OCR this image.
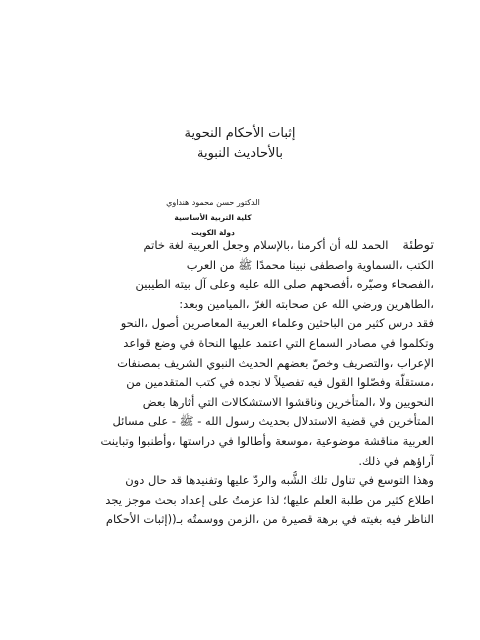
إثبات الأحكام النحوية

بالأحاديث النبوية

الدكتور حسن محمود هنداوي

كلية التربية الأساسية

دولة الكويت

توطئةالحمد لله أن أكرمنا ،بالإسلام وجعل العربية لغة خاتم

الكتب ،السماوية واصطفى نبينا محمدًا ﷺ من العرب

،الفصحاء وصيّره ،أفصحهم صلى الله عليه وعلى آل بيته الطيبين

،الطاهرين ورضي الله عن صحابته الغرّ ،الميامين وبعد:

فقد درس كثير من الباحثين وعلماء العربية المعاصرين أصول ،النحو

وتكلموا في مصادر السماع التي اعتمد عليها النحاة في وضع قواعد

الإعراب ،والتصريف وخصّ بعضهم الحديث النبوي الشريف بمصنفات

،مستقلّة وفصّلوا القول فيه تفصيلاً لا نجده في كتب المتقدمين من

النحويين ولا ،المتأخرين وناقشوا الاستشكالات التي أثارها بعض

المتأخرين في قضية الاستدلال بحديث رسول الله - ﷺ - على مسائل

العربية مناقشة موضوعية ،موسعة وأطالوا في دراستها ،وأطنبوا وتباينت

آراؤهم في ذلك.

وهذا التوسع في تناول تلك الشُّبه والردّ عليها وتفنيدها قد حال دون

اطلاع كثير من طلبة العلم عليها؛ لذا عزمتُ على إعداد بحث موجز يجد

الناظر فيه بغيته في برهة قصيرة من ،الزمن ووسمتُه بـ((إثبات الأحكام
